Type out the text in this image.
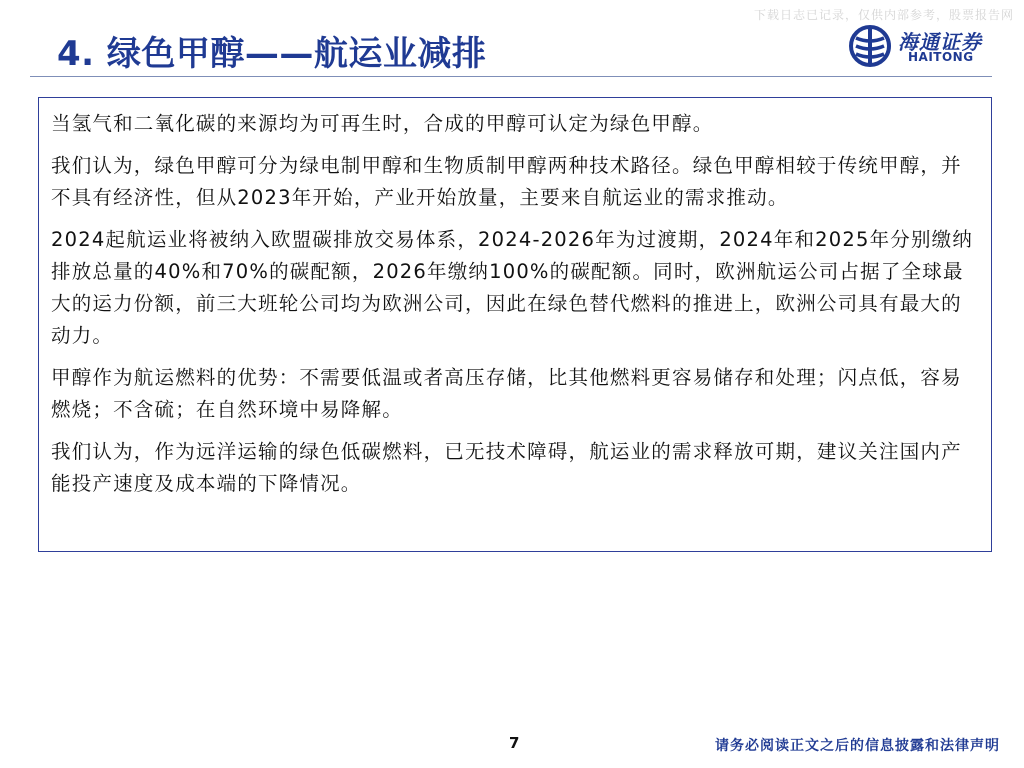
下载日志已记录，仅供内部参考，股票报告网
4. 绿色甲醇——航运业减排	海通证券
HAITONG

当氢气和二氧化碳的来源均为可再生时，合成的甲醇可认定为绿色甲醇。

我们认为，绿色甲醇可分为绿电制甲醇和生物质制甲醇两种技术路径。绿色甲醇相较于传统甲醇，并不具有经济性，但从2023年开始，产业开始放量，主要来自航运业的需求推动。

2024起航运业将被纳入欧盟碳排放交易体系，2024-2026年为过渡期，2024年和2025年分别缴纳排放总量的40%和70%的碳配额，2026年缴纳100%的碳配额。同时，欧洲航运公司占据了全球最大的运力份额，前三大班轮公司均为欧洲公司，因此在绿色替代燃料的推进上，欧洲公司具有最大的动力。

甲醇作为航运燃料的优势：不需要低温或者高压存储，比其他燃料更容易储存和处理；闪点低，容易燃烧；不含硫；在自然环境中易降解。

我们认为，作为远洋运输的绿色低碳燃料，已无技术障碍，航运业的需求释放可期，建议关注国内产能投产速度及成本端的下降情况。

7	请务必阅读正文之后的信息披露和法律声明
